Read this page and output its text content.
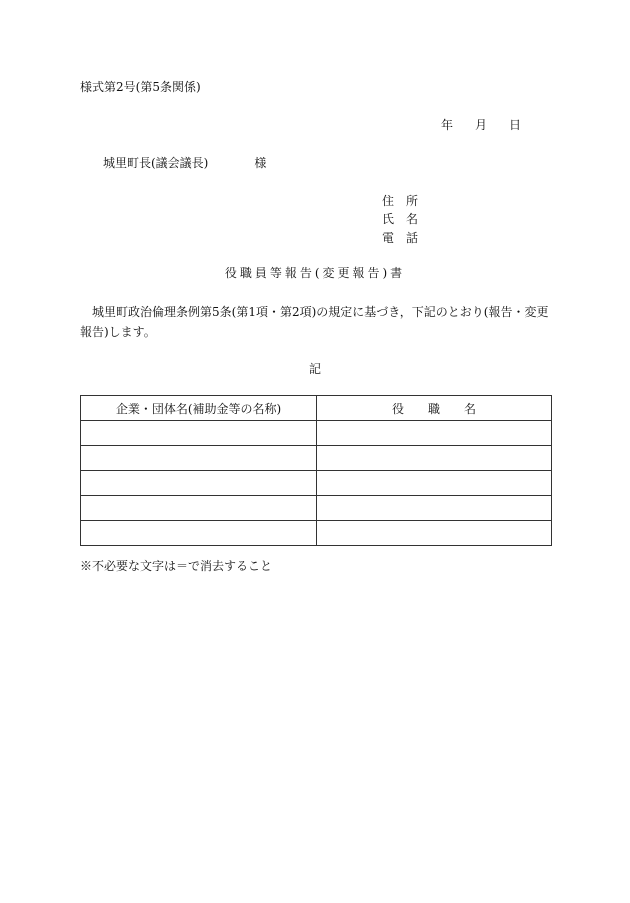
様式第2号(第5条関係)
年 月 日
城里町長(議会議長)	様
住 所
氏 名
電 話
役職員等報告(変更報告)書
城里町政治倫理条例第5条(第1項・第2項)の規定に基づき，下記のとおり(報告・変更報告)します。
記
企業・団体名(補助金等の名称)	役　　職　　名

※不必要な文字は＝で消去すること
